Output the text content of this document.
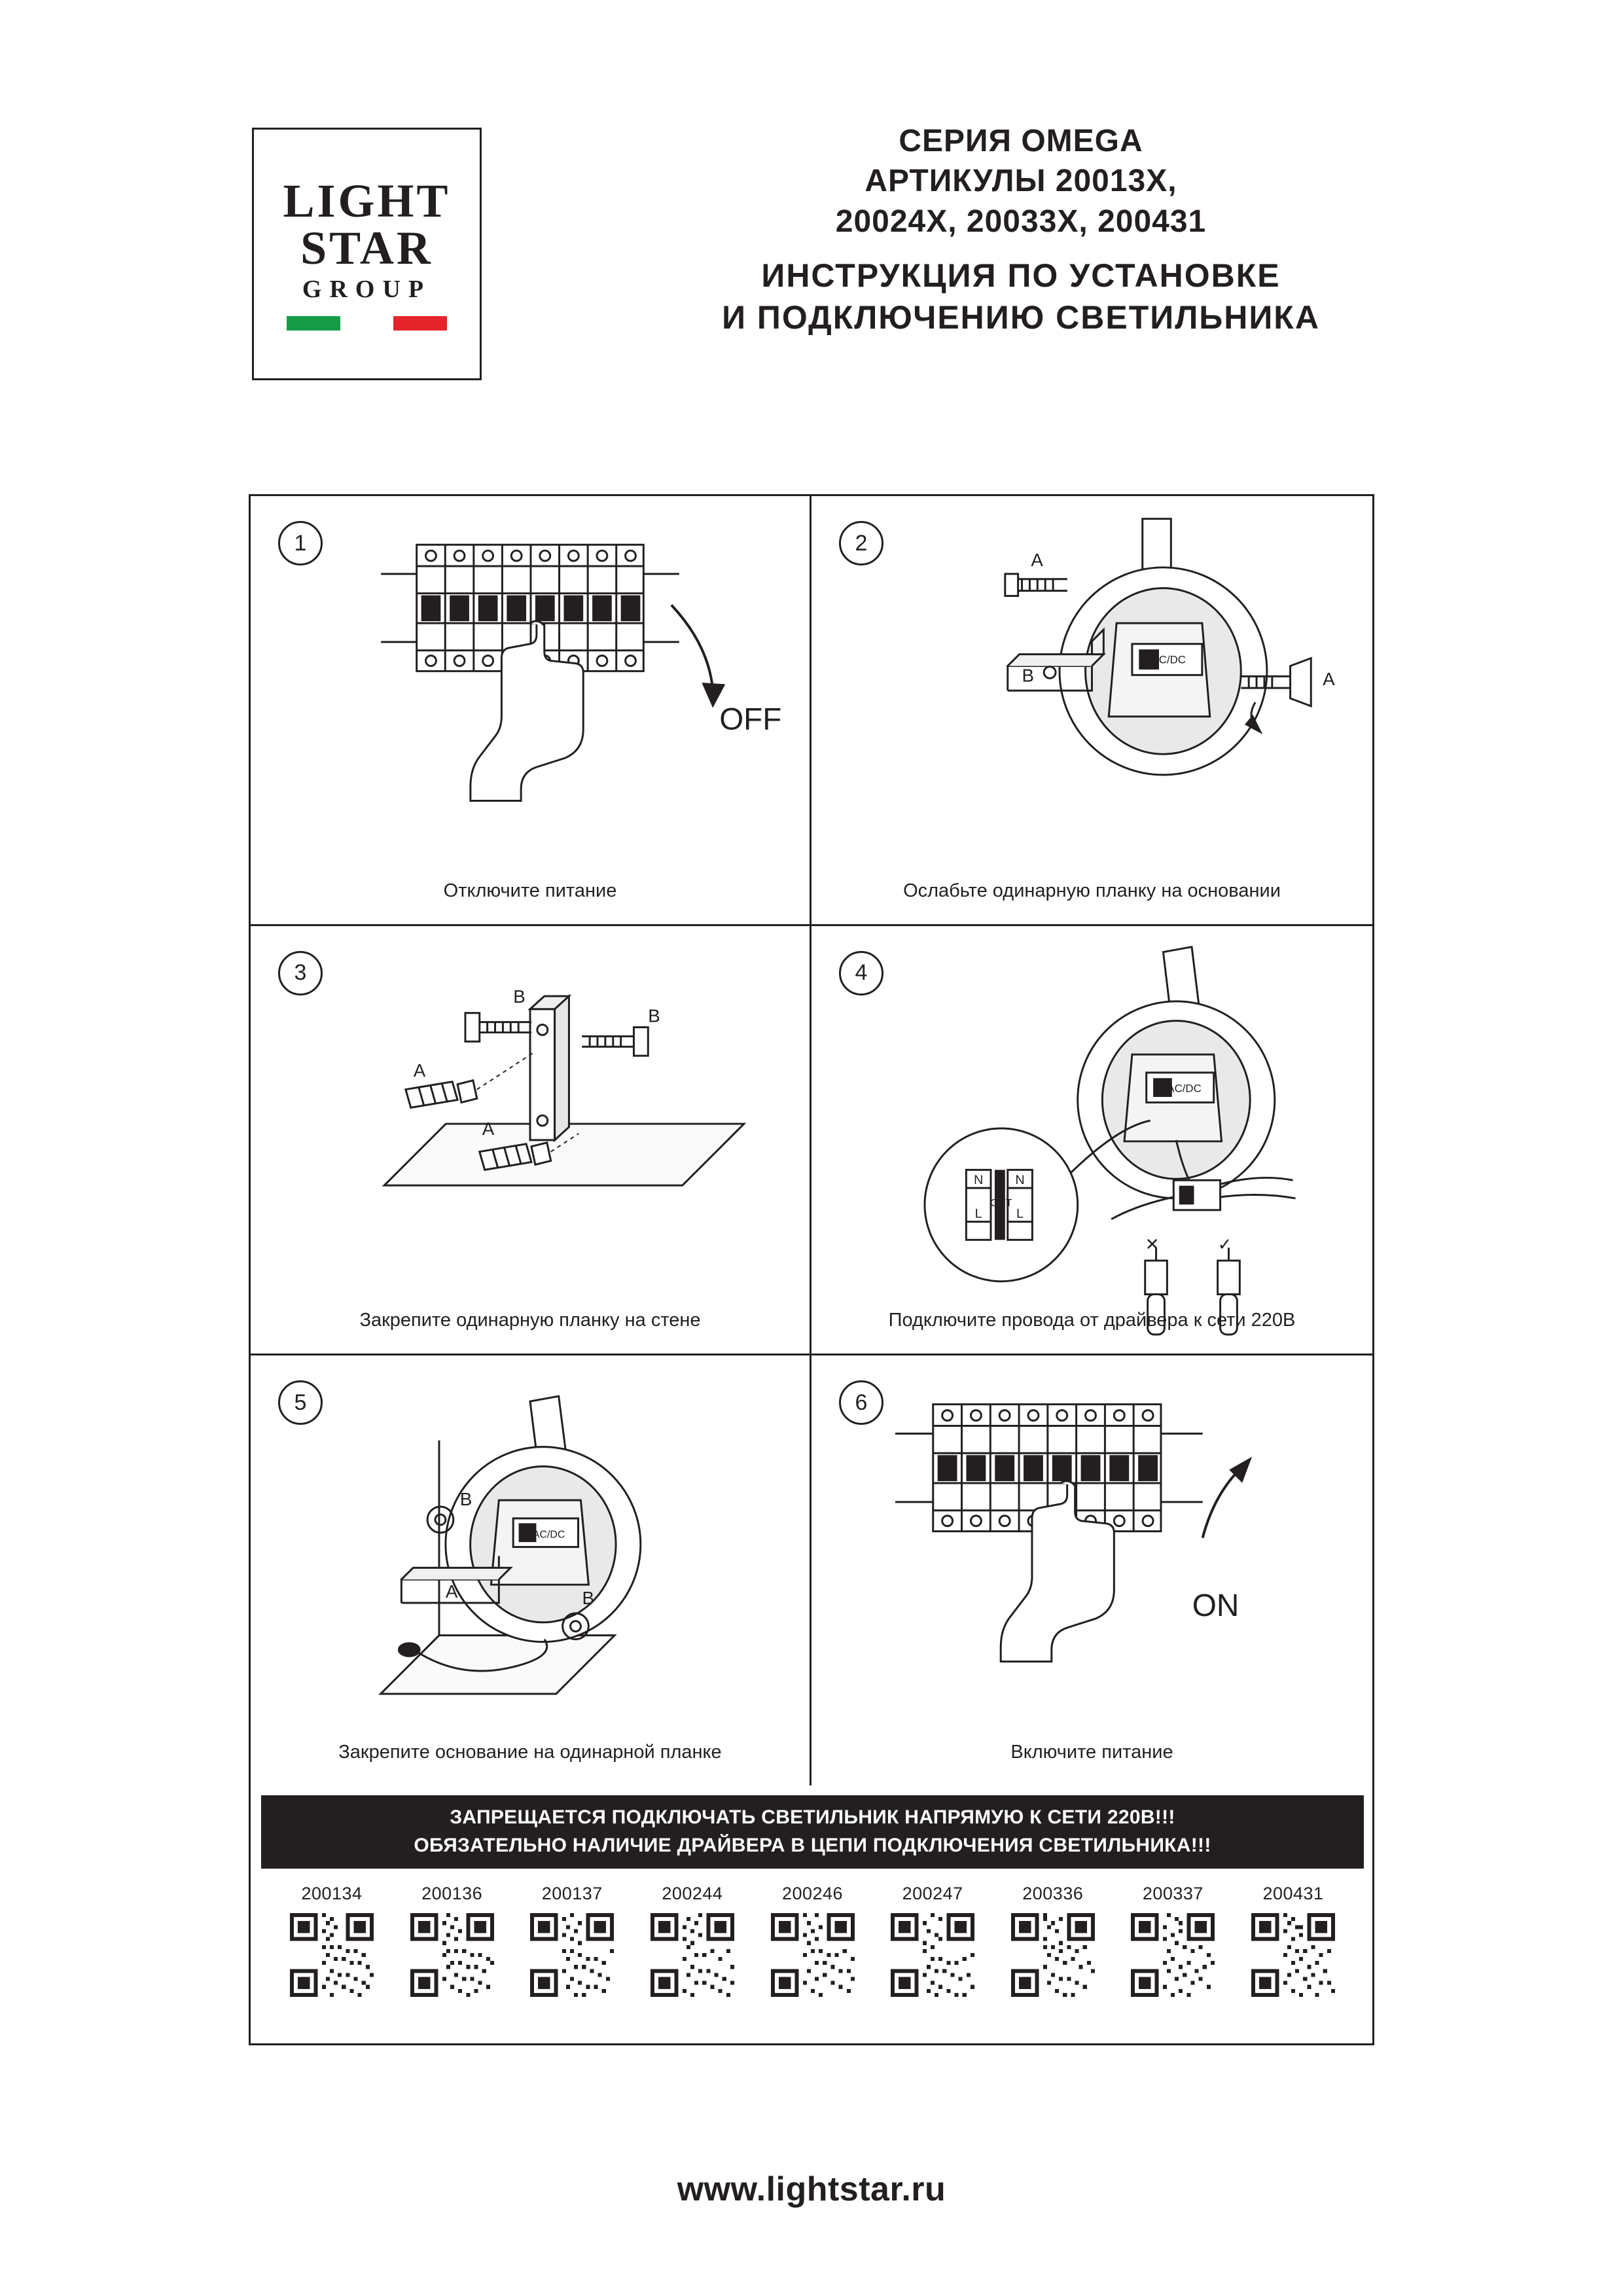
LIGHT
STAR
GROUP
СЕРИЯ OMEGA
АРТИКУЛЫ 20013X,
20024X, 20033X, 200431
ИНСТРУКЦИЯ ПО УСТАНОВКЕ
И ПОДКЛЮЧЕНИЮ СВЕТИЛЬНИКА
1
OFF
Отключите питание
2
A
B	A
AC/DC
Ослабьте одинарную планку на основании
3
A
B
A
B
Закрепите одинарную планку на стене
4
N
L
N
L
OUT
✕	✓
AC/DC
Подключите провода от драйвера к сети 220В
5
B
A	B
AC/DC
Закрепите основание на одинарной планке
6
ON
Включите питание
ЗАПРЕЩАЕТСЯ ПОДКЛЮЧАТЬ СВЕТИЛЬНИК НАПРЯМУЮ К СЕТИ 220В!!!
ОБЯЗАТЕЛЬНО НАЛИЧИЕ ДРАЙВЕРА В ЦЕПИ ПОДКЛЮЧЕНИЯ СВЕТИЛЬНИКА!!!
200134	200136	200137	200244	200246	200247	200336	200337	200431
www.lightstar.ru
